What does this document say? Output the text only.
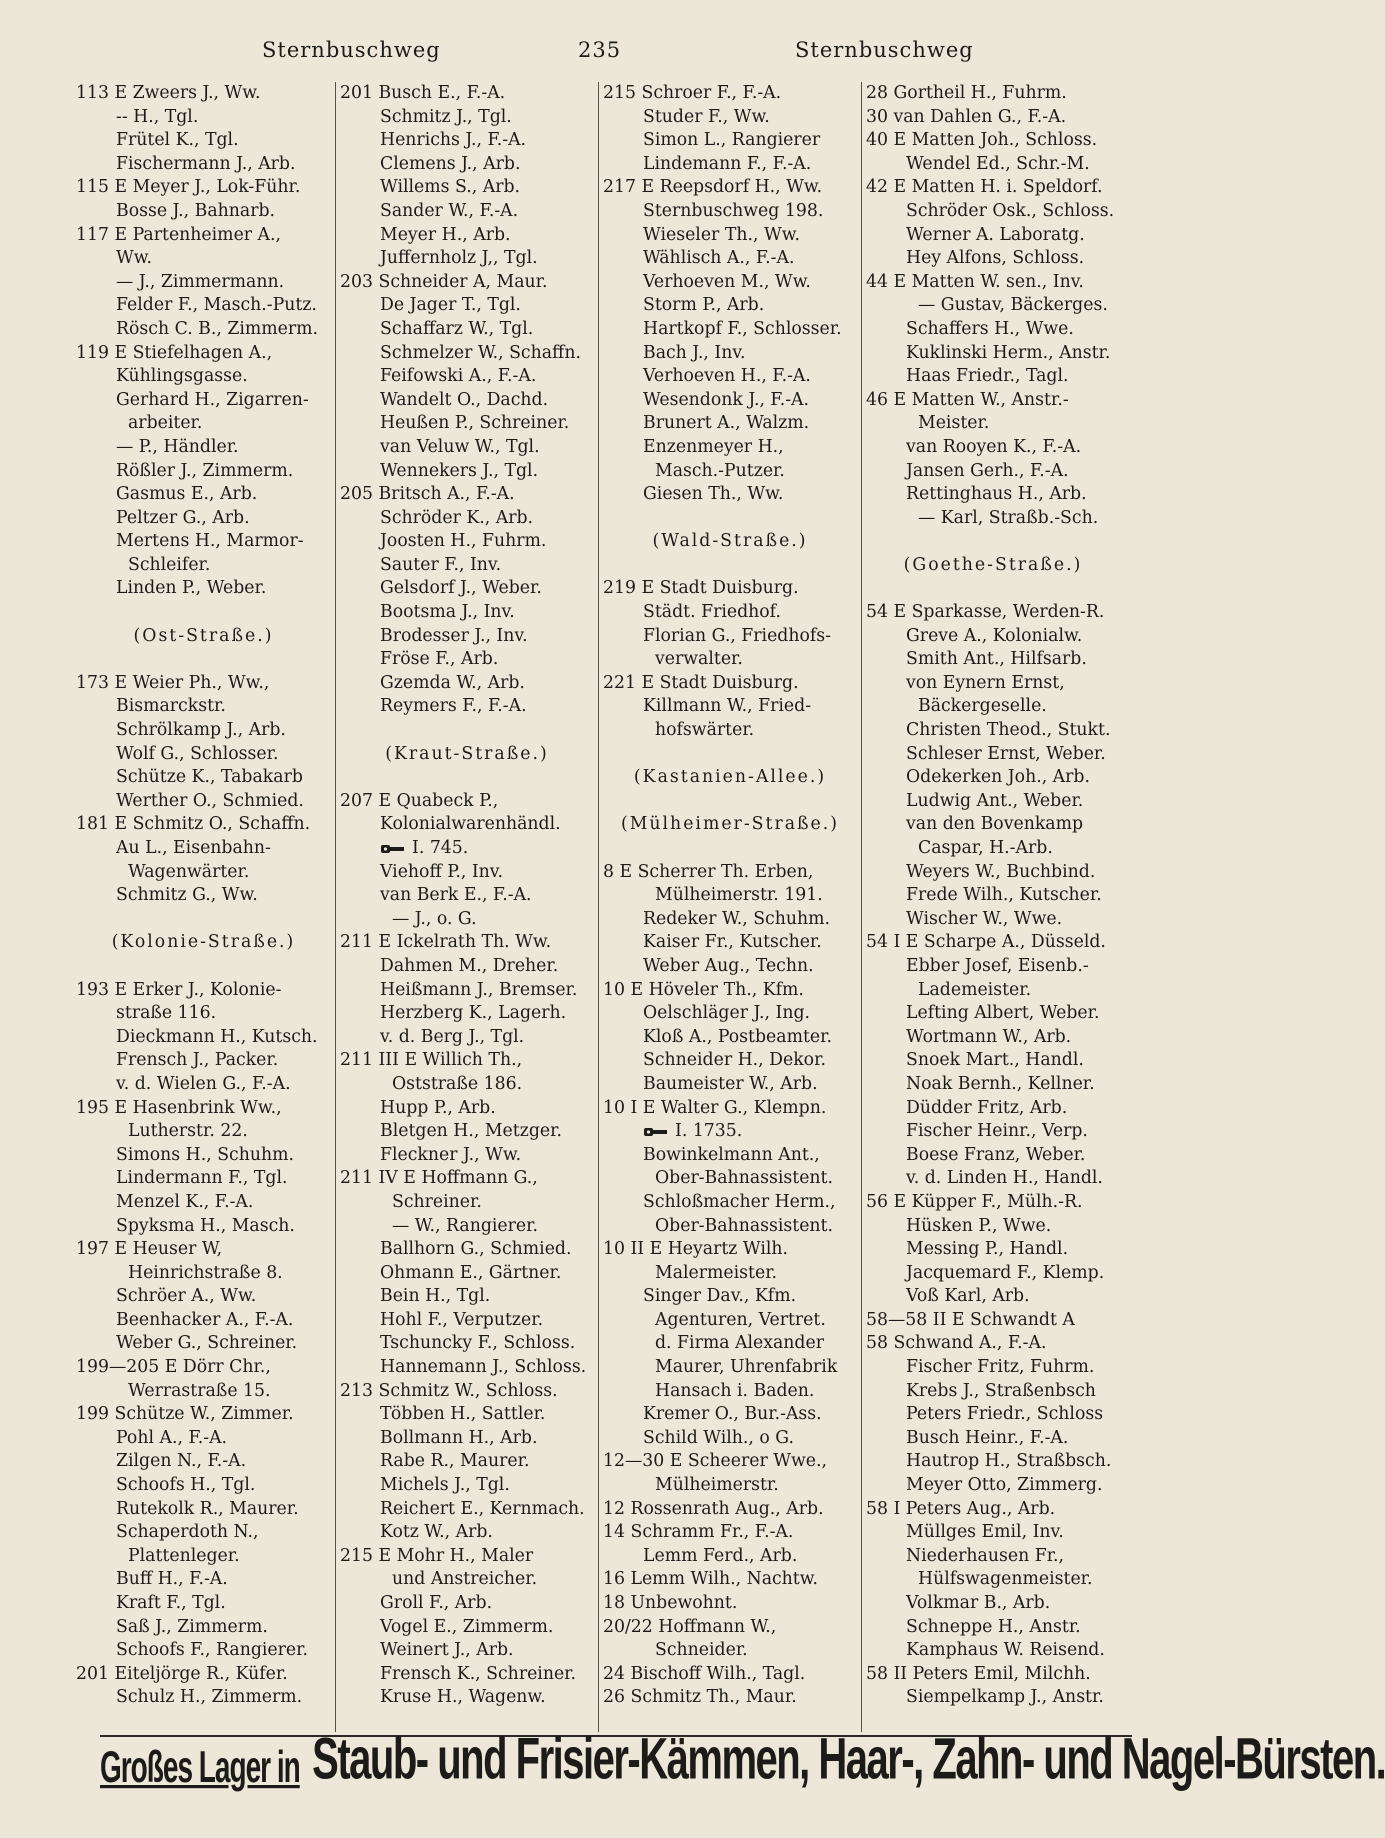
Sternbuschweg	235	Sternbuschweg
113 E Zweers J., Ww.
-- H., Tgl.
Frütel K., Tgl.
Fischermann J., Arb.
115 E Meyer J., Lok-Führ.
Bosse J., Bahnarb.
117 E Partenheimer A.,
Ww.
— J., Zimmermann.
Felder F., Masch.-Putz.
Rösch C. B., Zimmerm.
119 E Stiefelhagen A.,
Kühlingsgasse.
Gerhard H., Zigarren-
arbeiter.
— P., Händler.
Rößler J., Zimmerm.
Gasmus E., Arb.
Peltzer G., Arb.
Mertens H., Marmor-
Schleifer.
Linden P., Weber.
(Ost-Straße.)
173 E Weier Ph., Ww.,
Bismarckstr.
Schrölkamp J., Arb.
Wolf G., Schlosser.
Schütze K., Tabakarb
Werther O., Schmied.
181 E Schmitz O., Schaffn.
Au L., Eisenbahn-
Wagenwärter.
Schmitz G., Ww.
(Kolonie-Straße.)
193 E Erker J., Kolonie-
straße 116.
Dieckmann H., Kutsch.
Frensch J., Packer.
v. d. Wielen G., F.-A.
195 E Hasenbrink Ww.,
Lutherstr. 22.
Simons H., Schuhm.
Lindermann F., Tgl.
Menzel K., F.-A.
Spyksma H., Masch.
197 E Heuser W,
Heinrichstraße 8.
Schröer A., Ww.
Beenhacker A., F.-A.
Weber G., Schreiner.
199—205 E Dörr Chr.,
Werrastraße 15.
199 Schütze W., Zimmer.
Pohl A., F.-A.
Zilgen N., F.-A.
Schoofs H., Tgl.
Rutekolk R., Maurer.
Schaperdoth N.,
Plattenleger.
Buff H., F.-A.
Kraft F., Tgl.
Saß J., Zimmerm.
Schoofs F., Rangierer.
201 Eiteljörge R., Küfer.
Schulz H., Zimmerm.
201 Busch E., F.-A.
Schmitz J., Tgl.
Henrichs J., F.-A.
Clemens J., Arb.
Willems S., Arb.
Sander W., F.-A.
Meyer H., Arb.
Juffernholz J,, Tgl.
203 Schneider A, Maur.
De Jager T., Tgl.
Schaffarz W., Tgl.
Schmelzer W., Schaffn.
Feifowski A., F.-A.
Wandelt O., Dachd.
Heußen P., Schreiner.
van Veluw W., Tgl.
Wennekers J., Tgl.
205 Britsch A., F.-A.
Schröder K., Arb.
Joosten H., Fuhrm.
Sauter F., Inv.
Gelsdorf J., Weber.
Bootsma J., Inv.
Brodesser J., Inv.
Fröse F., Arb.
Gzemda W., Arb.
Reymers F., F.-A.
(Kraut-Straße.)
207 E Quabeck P.,
Kolonialwarenhändl.
I. 745.
Viehoff P., Inv.
van Berk E., F.-A.
— J., o. G.
211 E Ickelrath Th. Ww.
Dahmen M., Dreher.
Heißmann J., Bremser.
Herzberg K., Lagerh.
v. d. Berg J., Tgl.
211 III E Willich Th.,
Oststraße 186.
Hupp P., Arb.
Bletgen H., Metzger.
Fleckner J., Ww.
211 IV E Hoffmann G.,
Schreiner.
— W., Rangierer.
Ballhorn G., Schmied.
Ohmann E., Gärtner.
Bein H., Tgl.
Hohl F., Verputzer.
Tschuncky F., Schloss.
Hannemann J., Schloss.
213 Schmitz W., Schloss.
Többen H., Sattler.
Bollmann H., Arb.
Rabe R., Maurer.
Michels J., Tgl.
Reichert E., Kernmach.
Kotz W., Arb.
215 E Mohr H., Maler
und Anstreicher.
Groll F., Arb.
Vogel E., Zimmerm.
Weinert J., Arb.
Frensch K., Schreiner.
Kruse H., Wagenw.
215 Schroer F., F.-A.
Studer F., Ww.
Simon L., Rangierer
Lindemann F., F.-A.
217 E Reepsdorf H., Ww.
Sternbuschweg 198.
Wieseler Th., Ww.
Wählisch A., F.-A.
Verhoeven M., Ww.
Storm P., Arb.
Hartkopf F., Schlosser.
Bach J., Inv.
Verhoeven H., F.-A.
Wesendonk J., F.-A.
Brunert A., Walzm.
Enzenmeyer H.,
Masch.-Putzer.
Giesen Th., Ww.
(Wald-Straße.)
219 E Stadt Duisburg.
Städt. Friedhof.
Florian G., Friedhofs-
verwalter.
221 E Stadt Duisburg.
Killmann W., Fried-
hofswärter.
(Kastanien-Allee.)
(Mülheimer-Straße.)
8 E Scherrer Th. Erben,
Mülheimerstr. 191.
Redeker W., Schuhm.
Kaiser Fr., Kutscher.
Weber Aug., Techn.
10 E Höveler Th., Kfm.
Oelschläger J., Ing.
Kloß A., Postbeamter.
Schneider H., Dekor.
Baumeister W., Arb.
10 I E Walter G., Klempn.
I. 1735.
Bowinkelmann Ant.,
Ober-Bahnassistent.
Schloßmacher Herm.,
Ober-Bahnassistent.
10 II E Heyartz Wilh.
Malermeister.
Singer Dav., Kfm.
Agenturen, Vertret.
d. Firma Alexander
Maurer, Uhrenfabrik
Hansach i. Baden.
Kremer O., Bur.-Ass.
Schild Wilh., o G.
12—30 E Scheerer Wwe.,
Mülheimerstr.
12 Rossenrath Aug., Arb.
14 Schramm Fr., F.-A.
Lemm Ferd., Arb.
16 Lemm Wilh., Nachtw.
18 Unbewohnt.
20/22 Hoffmann W.,
Schneider.
24 Bischoff Wilh., Tagl.
26 Schmitz Th., Maur.
28 Gortheil H., Fuhrm.
30 van Dahlen G., F.-A.
40 E Matten Joh., Schloss.
Wendel Ed., Schr.-M.
42 E Matten H. i. Speldorf.
Schröder Osk., Schloss.
Werner A. Laboratg.
Hey Alfons, Schloss.
44 E Matten W. sen., Inv.
— Gustav, Bäckerges.
Schaffers H., Wwe.
Kuklinski Herm., Anstr.
Haas Friedr., Tagl.
46 E Matten W., Anstr.-
Meister.
van Rooyen K., F.-A.
Jansen Gerh., F.-A.
Rettinghaus H., Arb.
— Karl, Straßb.-Sch.
(Goethe-Straße.)
54 E Sparkasse, Werden-R.
Greve A., Kolonialw.
Smith Ant., Hilfsarb.
von Eynern Ernst,
Bäckergeselle.
Christen Theod., Stukt.
Schleser Ernst, Weber.
Odekerken Joh., Arb.
Ludwig Ant., Weber.
van den Bovenkamp
Caspar, H.-Arb.
Weyers W., Buchbind.
Frede Wilh., Kutscher.
Wischer W., Wwe.
54 I E Scharpe A., Düsseld.
Ebber Josef, Eisenb.-
Lademeister.
Lefting Albert, Weber.
Wortmann W., Arb.
Snoek Mart., Handl.
Noak Bernh., Kellner.
Düdder Fritz, Arb.
Fischer Heinr., Verp.
Boese Franz, Weber.
v. d. Linden H., Handl.
56 E Küpper F., Mülh.-R.
Hüsken P., Wwe.
Messing P., Handl.
Jacquemard F., Klemp.
Voß Karl, Arb.
58—58 II E Schwandt A
58 Schwand A., F.-A.
Fischer Fritz, Fuhrm.
Krebs J., Straßenbsch
Peters Friedr., Schloss
Busch Heinr., F.-A.
Hautrop H., Straßbsch.
Meyer Otto, Zimmerg.
58 I Peters Aug., Arb.
Müllges Emil, Inv.
Niederhausen Fr.,
Hülfswagenmeister.
Volkmar B., Arb.
Schneppe H., Anstr.
Kamphaus W. Reisend.
58 II Peters Emil, Milchh.
Siempelkamp J., Anstr.
Großes Lager in Staub- und Frisier-Kämmen, Haar-, Zahn- und Nagel-Bürsten.
